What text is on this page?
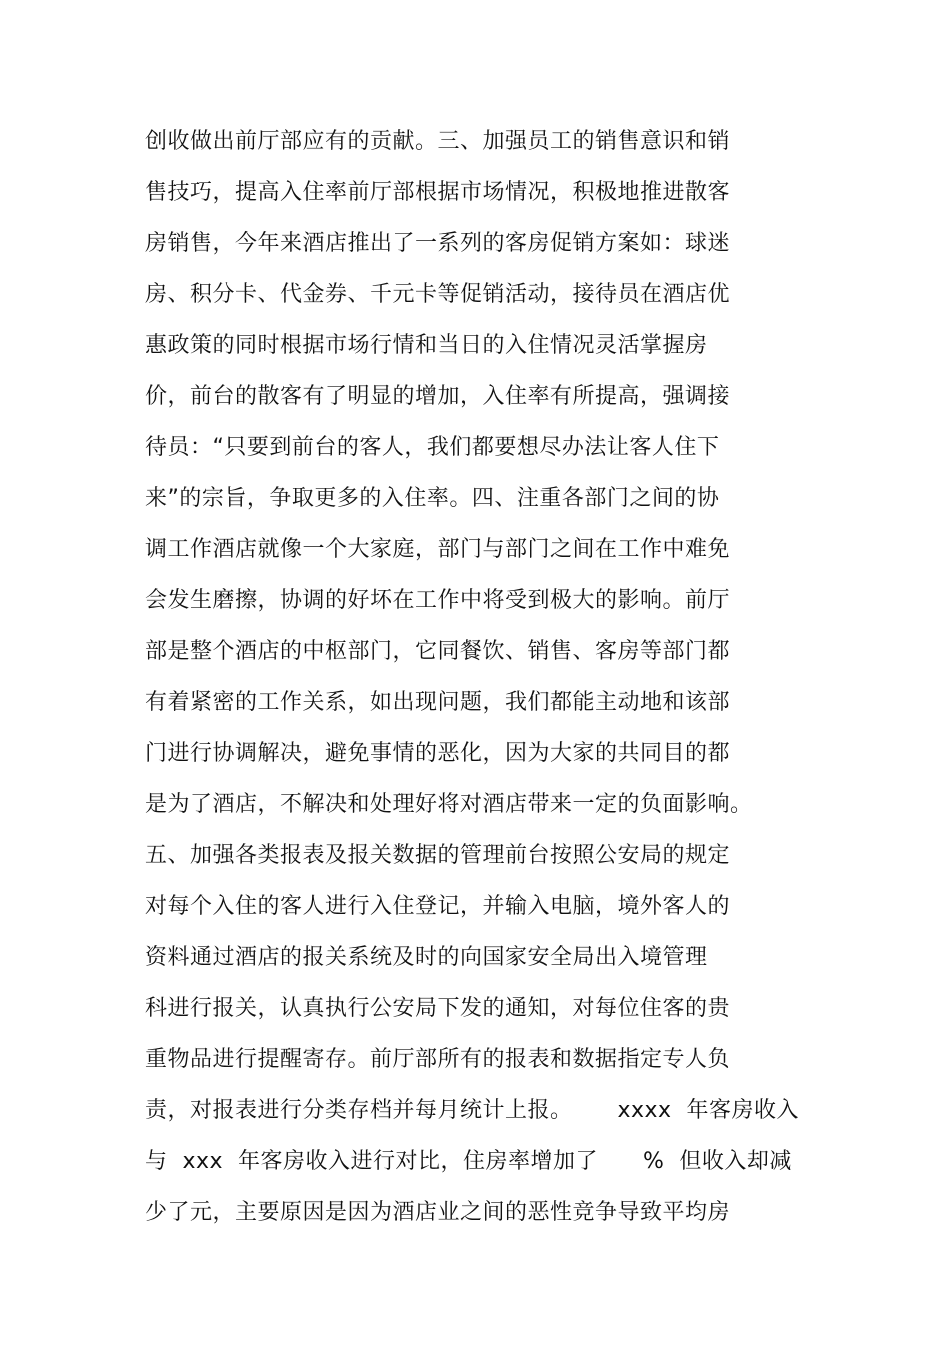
创收做出前厅部应有的贡献。三、加强员工的销售意识和销
售技巧，提高入住率前厅部根据市场情况，积极地推进散客
房销售，今年来酒店推出了一系列的客房促销方案如：球迷
房、积分卡、代金券、千元卡等促销活动，接待员在酒店优
惠政策的同时根据市场行情和当日的入住情况灵活掌握房
价，前台的散客有了明显的增加，入住率有所提高，强调接
待员：“只要到前台的客人，我们都要想尽办法让客人住下
来”的宗旨，争取更多的入住率。四、注重各部门之间的协
调工作酒店就像一个大家庭，部门与部门之间在工作中难免
会发生磨擦，协调的好坏在工作中将受到极大的影响。前厅
部是整个酒店的中枢部门，它同餐饮、销售、客房等部门都
有着紧密的工作关系，如出现问题，我们都能主动地和该部
门进行协调解决，避免事情的恶化，因为大家的共同目的都
是为了酒店，不解决和处理好将对酒店带来一定的负面影响。
五、加强各类报表及报关数据的管理前台按照公安局的规定
对每个入住的客人进行入住登记，并输入电脑，境外客人的
资料通过酒店的报关系统及时的向国家安全局出入境管理
科进行报关，认真执行公安局下发的通知，对每位住客的贵
重物品进行提醒寄存。前厅部所有的报表和数据指定专人负
责，对报表进行分类存档并每月统计上报。      xxxx  年客房收入
与  xxx  年客房收入进行对比，住房率增加了      %  但收入却减
少了元，主要原因是因为酒店业之间的恶性竞争导致平均房
